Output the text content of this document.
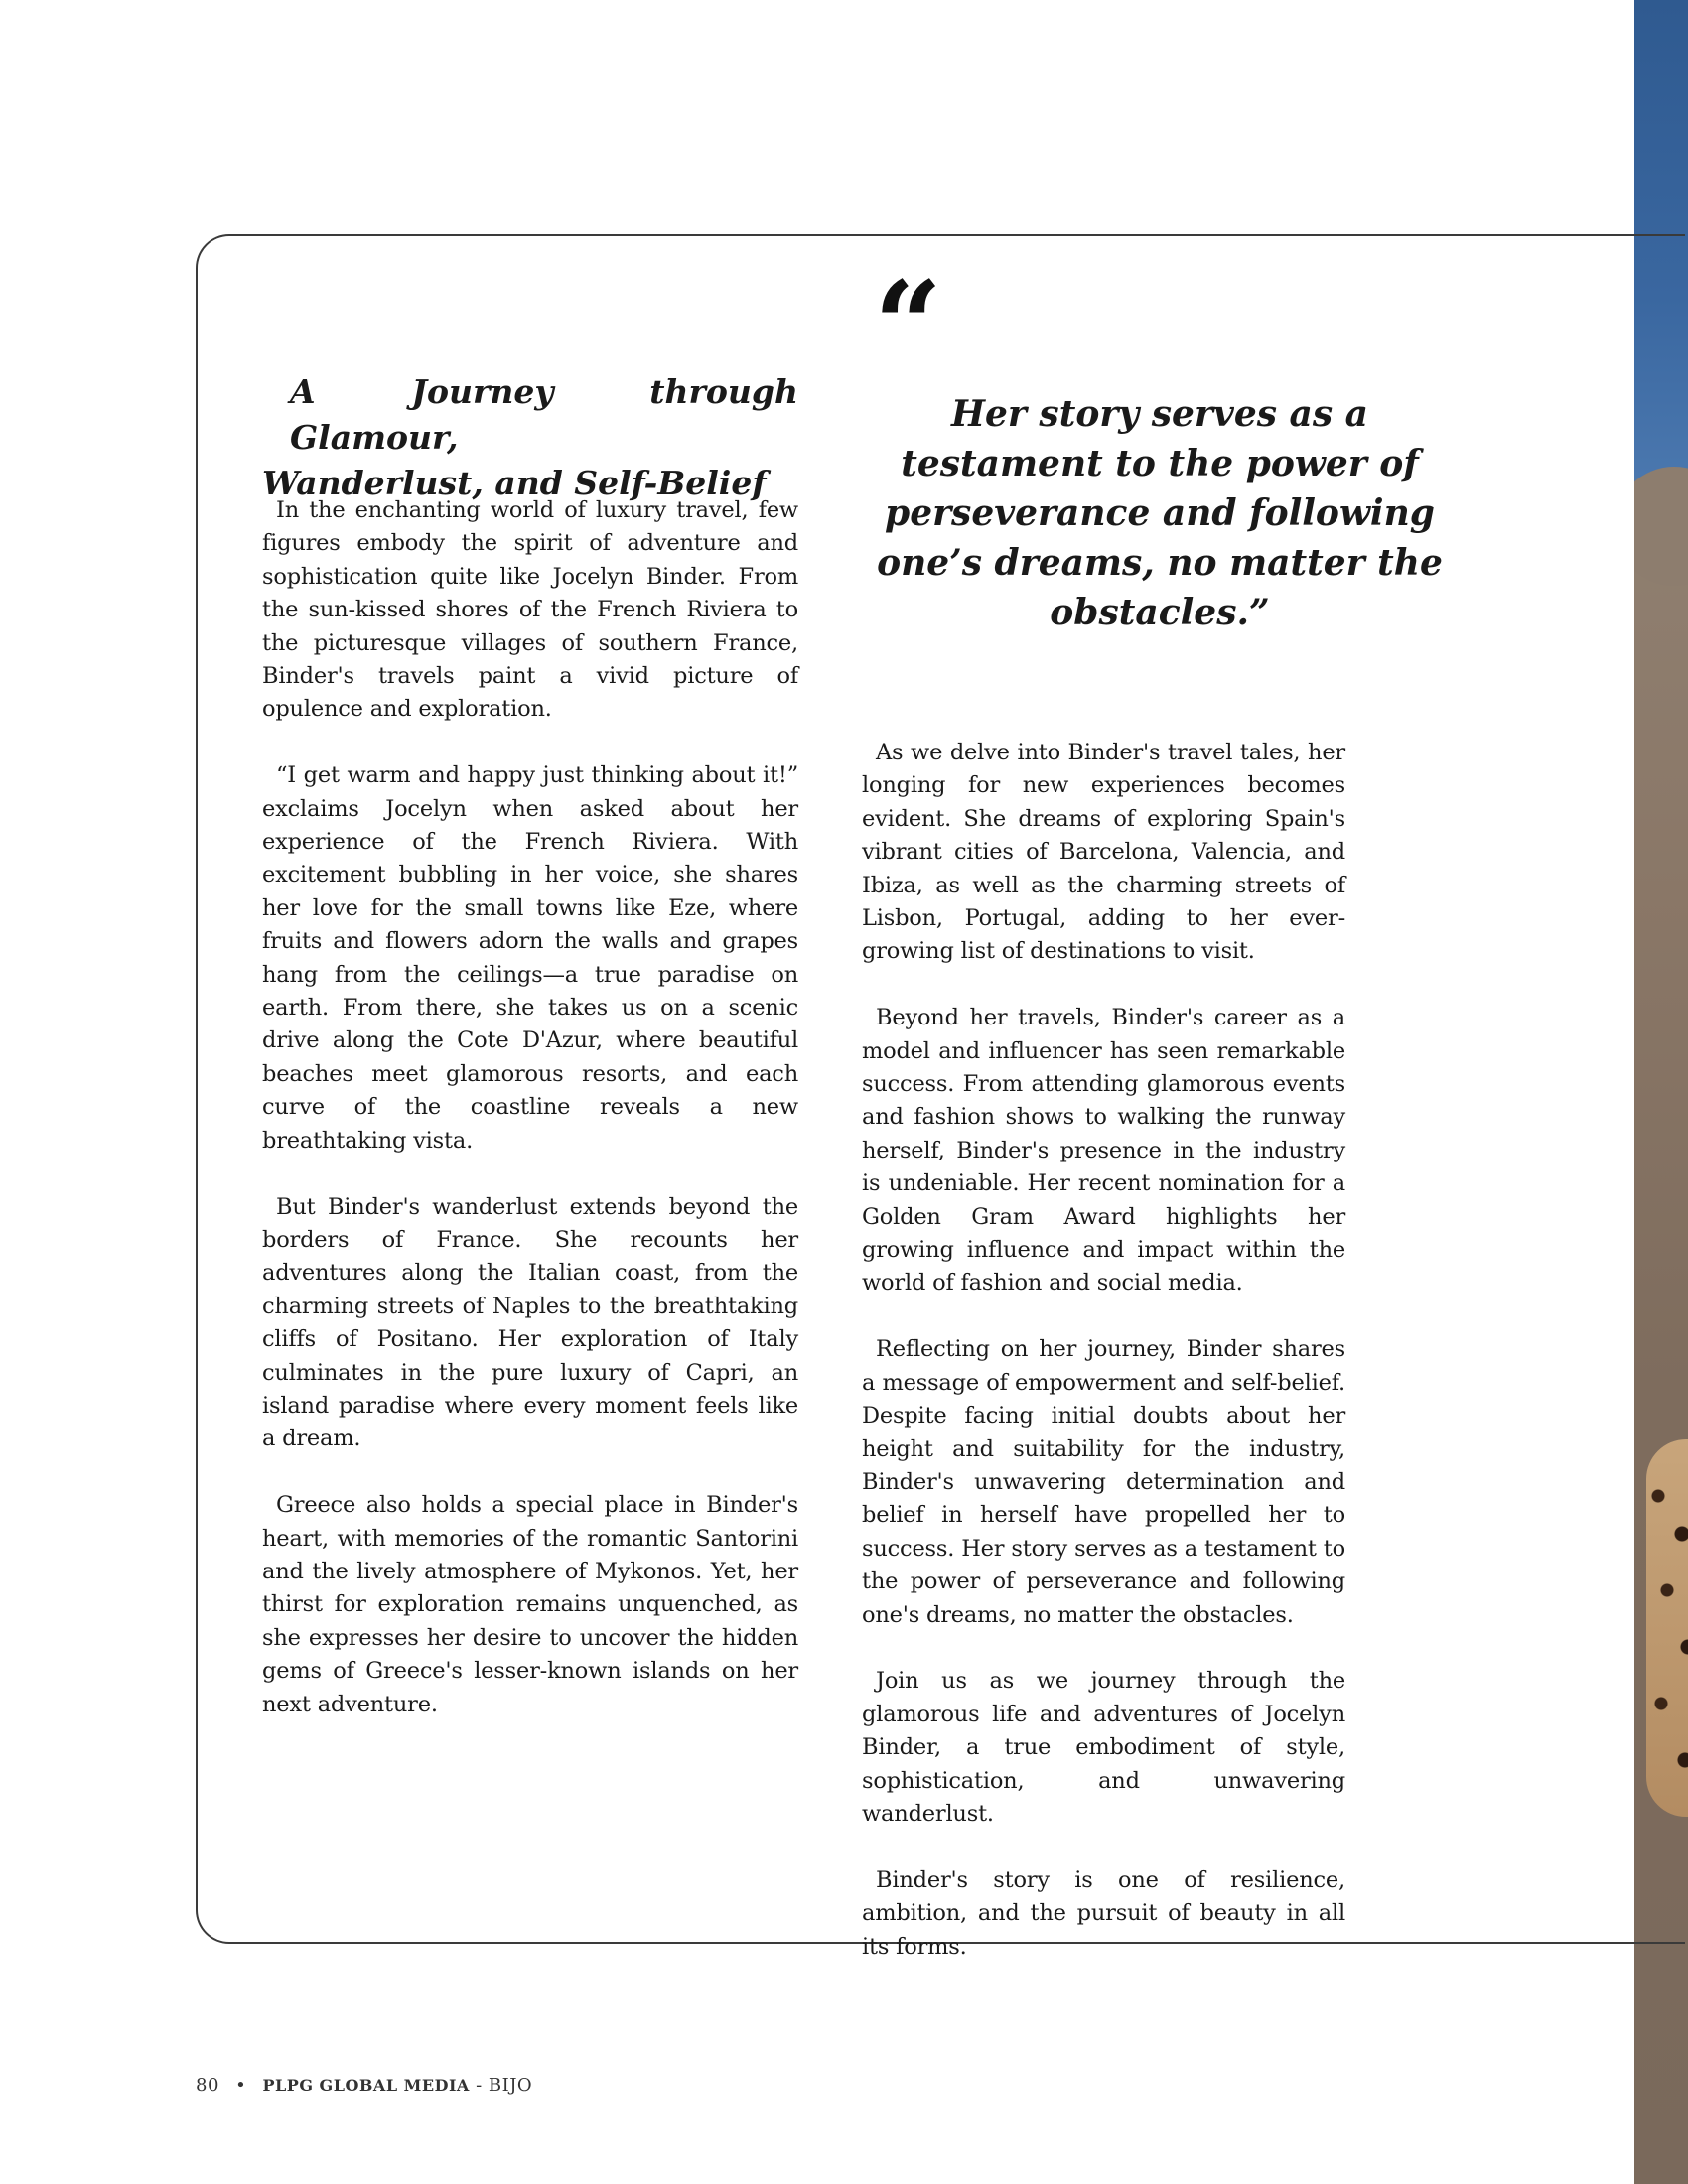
A Journey through Glamour,
Wanderlust, and Self-Belief

In the enchanting world of luxury travel, few figures embody the spirit of adventure and sophistication quite like Jocelyn Binder. From the sun-kissed shores of the French Riviera to the picturesque villages of southern France, Binder's travels paint a vivid picture of opulence and exploration.

“I get warm and happy just thinking about it!” exclaims Jocelyn when asked about her experience of the French Riviera. With excitement bubbling in her voice, she shares her love for the small towns like Eze, where fruits and flowers adorn the walls and grapes hang from the ceilings—a true paradise on earth. From there, she takes us on a scenic drive along the Cote D'Azur, where beautiful beaches meet glamorous resorts, and each curve of the coastline reveals a new breathtaking vista.

But Binder's wanderlust extends beyond the borders of France. She recounts her adventures along the Italian coast, from the charming streets of Naples to the breathtaking cliffs of Positano. Her exploration of Italy culminates in the pure luxury of Capri, an island paradise where every moment feels like a dream.

Greece also holds a special place in Binder's heart, with memories of the romantic Santorini and the lively atmosphere of Mykonos. Yet, her thirst for exploration remains unquenched, as she expresses her desire to uncover the hidden gems of Greece's lesser-known islands on her next adventure.

“

Her story serves as a testament to the power of perseverance and following one’s dreams, no matter the obstacles.”

As we delve into Binder's travel tales, her longing for new experiences becomes evident. She dreams of exploring Spain's vibrant cities of Barcelona, Valencia, and Ibiza, as well as the charming streets of Lisbon, Portugal, adding to her ever-growing list of destinations to visit.

Beyond her travels, Binder's career as a model and influencer has seen remarkable success. From attending glamorous events and fashion shows to walking the runway herself, Binder's presence in the industry is undeniable. Her recent nomination for a Golden Gram Award highlights her growing influence and impact within the world of fashion and social media.

Reflecting on her journey, Binder shares a message of empowerment and self-belief. Despite facing initial doubts about her height and suitability for the industry, Binder's unwavering determination and belief in herself have propelled her to success. Her story serves as a testament to the power of perseverance and following one's dreams, no matter the obstacles.

Join us as we journey through the glamorous life and adventures of Jocelyn Binder, a true embodiment of style, sophistication, and unwavering wanderlust.

Binder's story is one of resilience, ambition, and the pursuit of beauty in all its forms.

80 • PLPG GLOBAL MEDIA - BIJO
